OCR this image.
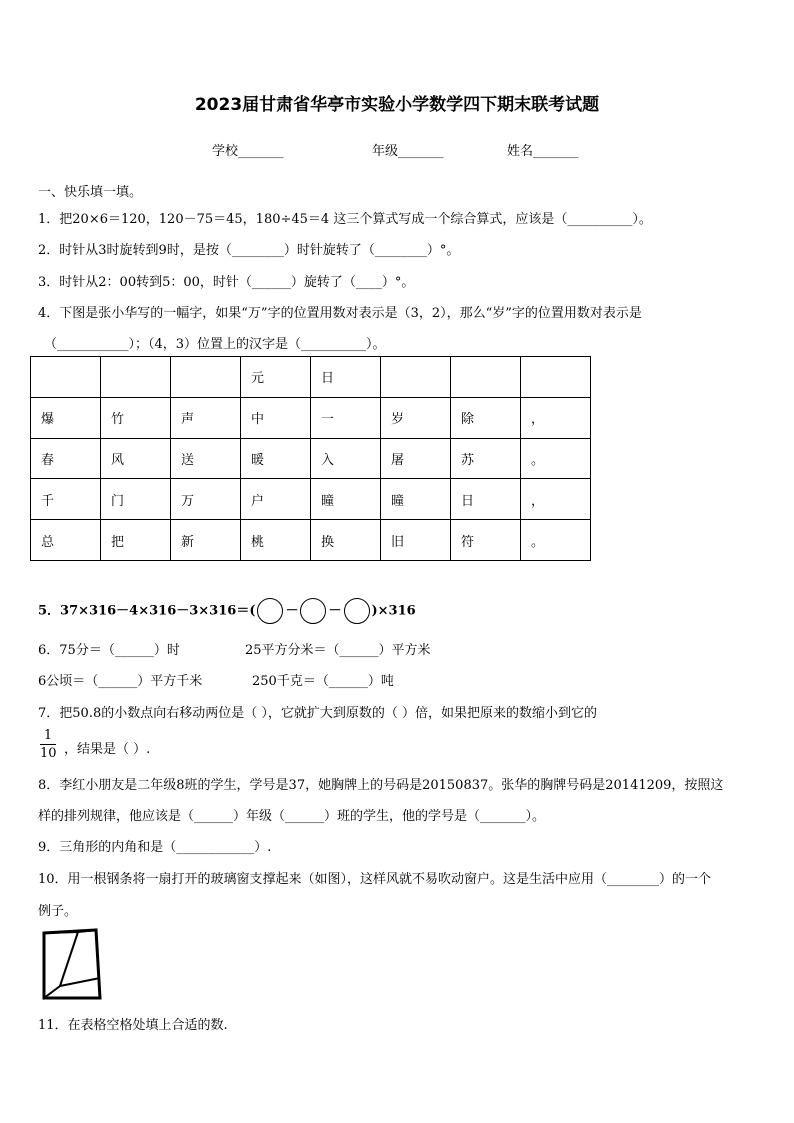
2023届甘肃省华亭市实验小学数学四下期末联考试题
学校_______	年级_______	姓名_______
一、快乐填一填。
1．把20×6＝120，120－75＝45，180÷45＝4 这三个算式写成一个综合算式，应该是（__________）。
2．时针从3时旋转到9时，是按（________）时针旋转了（________）°。
3．时针从2：00转到5：00，时针（______）旋转了（____）°。
4．下图是张小华写的一幅字，如果“万”字的位置用数对表示是（3，2），那么“岁”字的位置用数对表示是
（___________）；（4，3）位置上的汉字是（__________）。
			元	日			
爆	竹	声	中	一	岁	除	，
春	风	送	暖	入	屠	苏	。
千	门	万	户	曈	曈	日	，
总	把	新	桃	换	旧	符	。
5．37×316－4×316－3×316＝( － － )×316
6．75分＝（______）时	25平方分米＝（______）平方米
6公顷＝（______）平方千米	250千克＝（______）吨
7．把50.8的小数点向右移动两位是（ ），它就扩大到原数的（ ）倍，如果把原来的数缩小到它的
$\frac{1}{10}$ ，结果是（ ）.
8．李红小朋友是二年级8班的学生，学号是37，她胸牌上的号码是20150837。张华的胸牌号码是20141209，按照这
样的排列规律，他应该是（______）年级（______）班的学生，他的学号是（_______）。
9．三角形的内角和是（____________）.
10．用一根钢条将一扇打开的玻璃窗支撑起来（如图），这样风就不易吹动窗户。这是生活中应用（________）的一个
例子。
11．在表格空格处填上合适的数.
